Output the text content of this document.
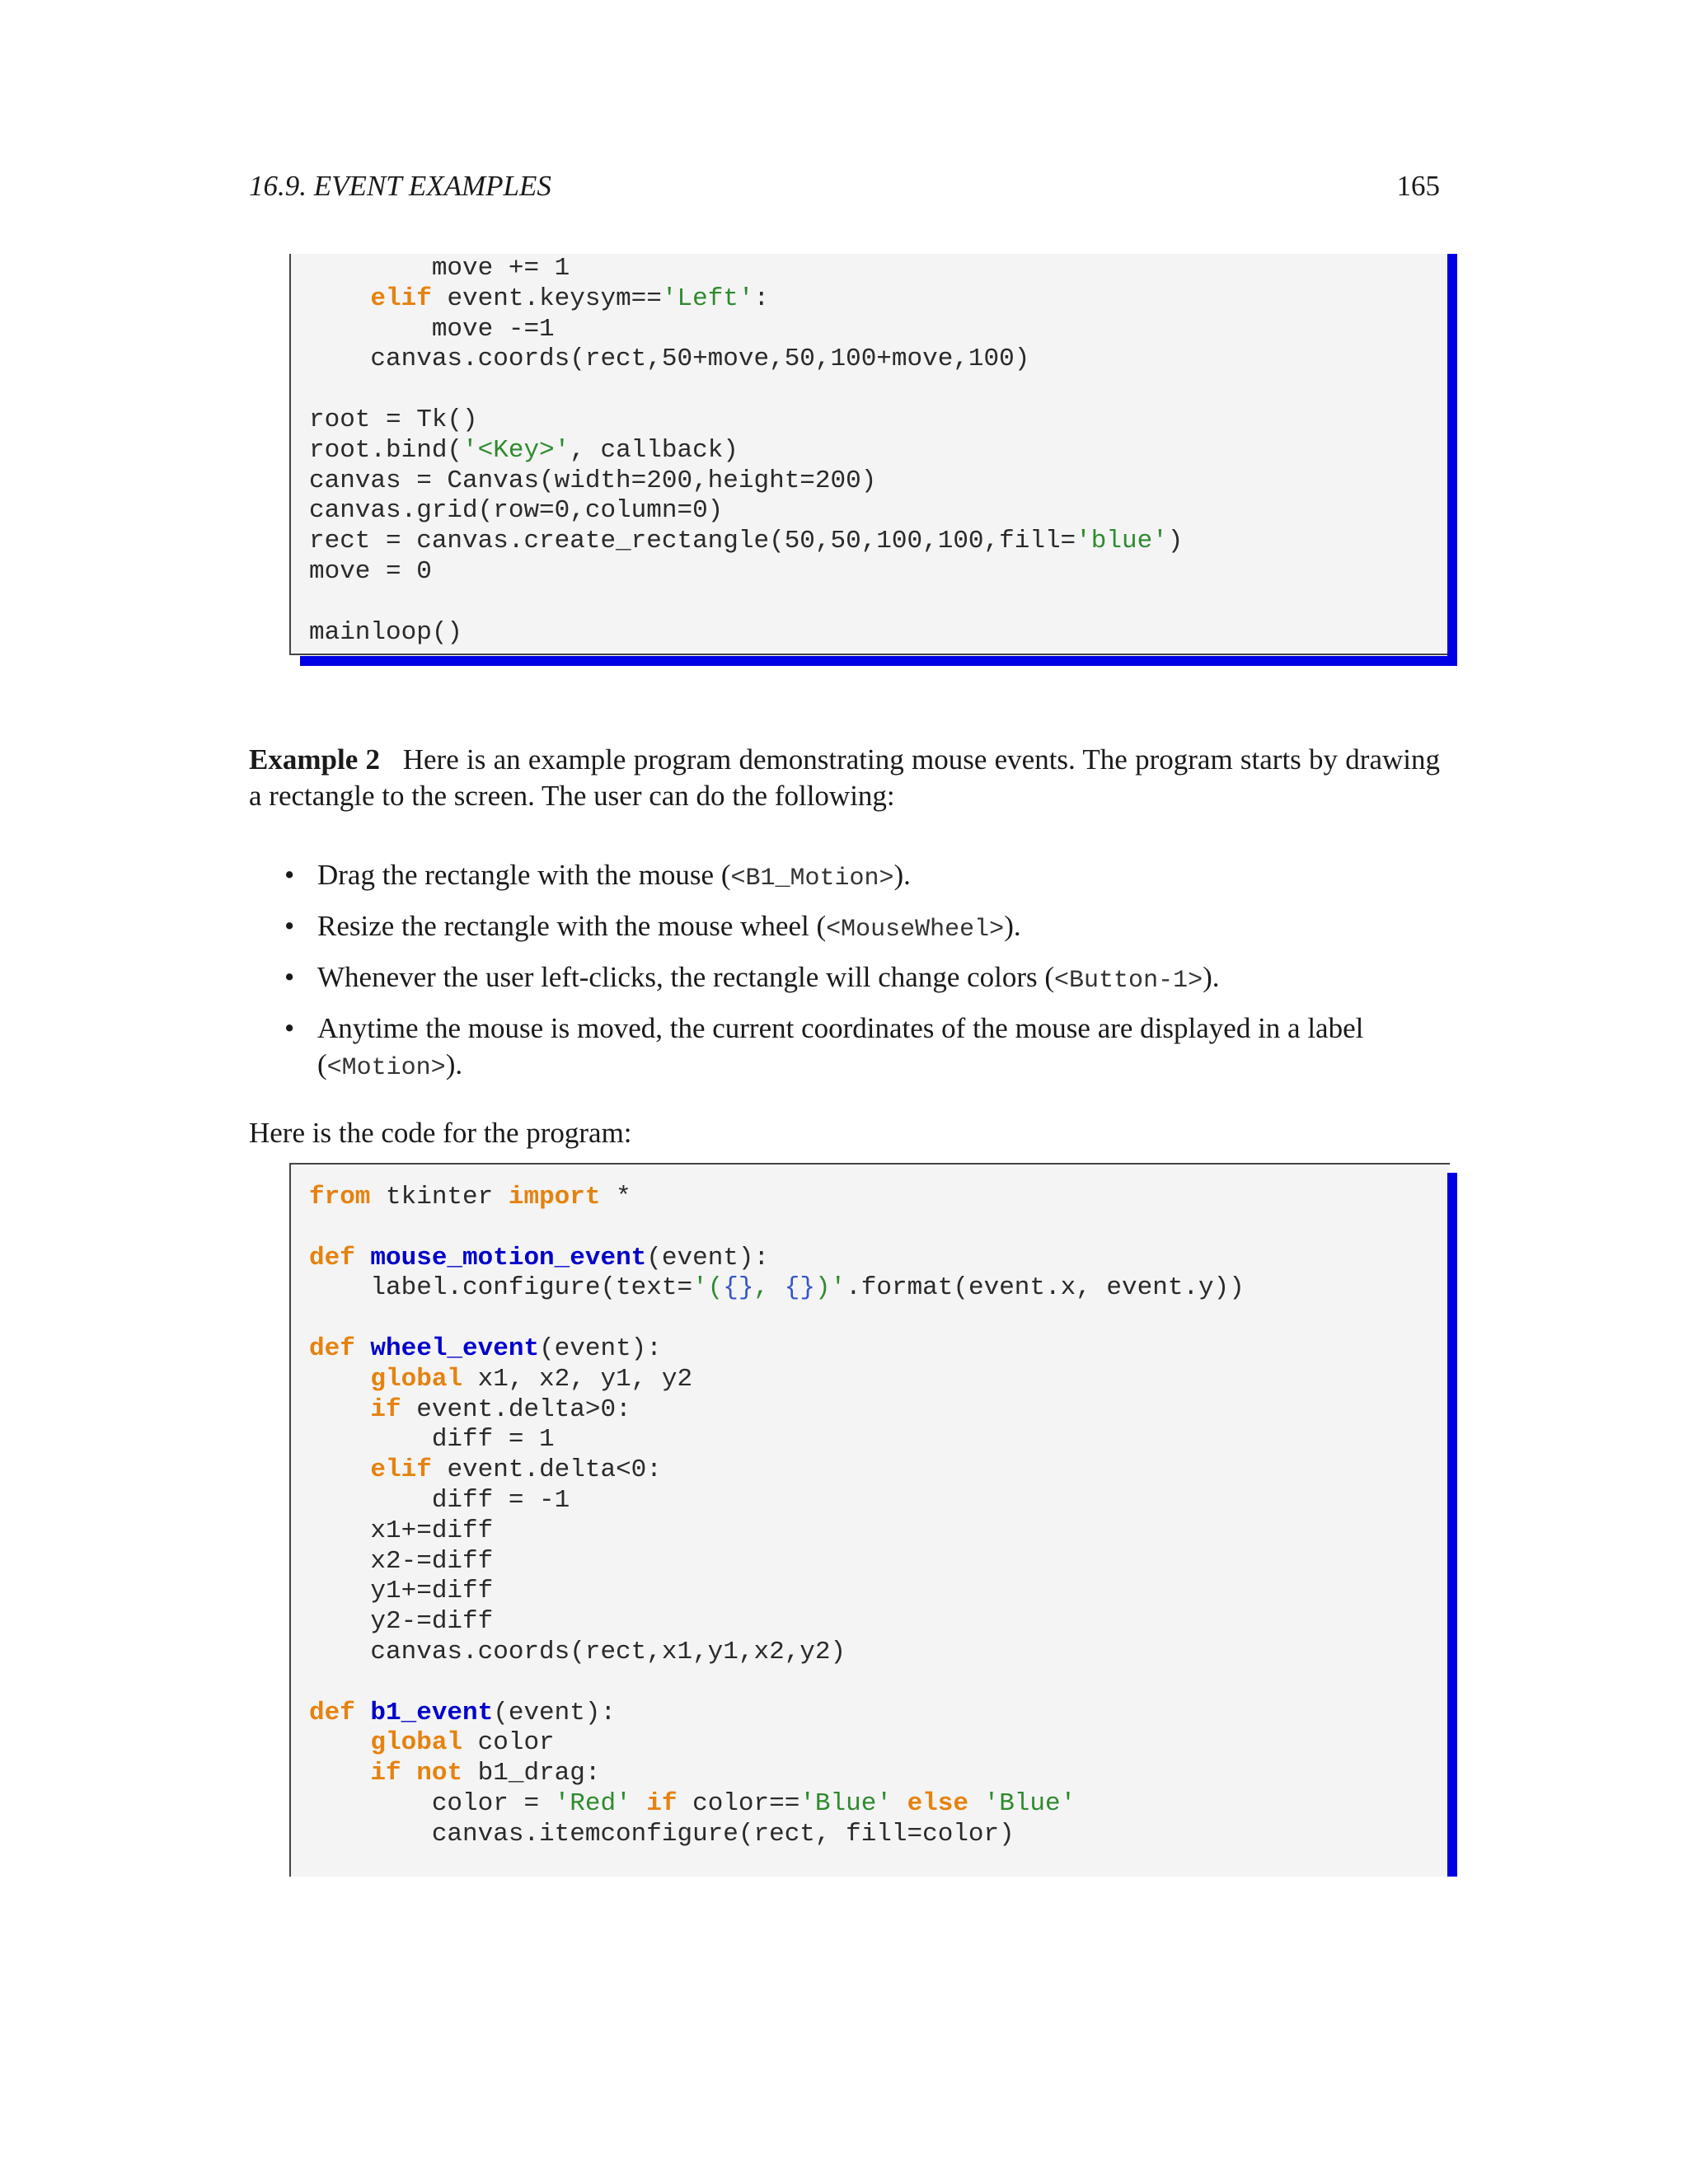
16.9. EVENT EXAMPLES	165
move += 1
elif event.keysym=='Left':
move -=1
canvas.coords(rect,50+move,50,100+move,100)
root = Tk()
root.bind('<Key>', callback)
canvas = Canvas(width=200,height=200)
canvas.grid(row=0,column=0)
rect = canvas.create_rectangle(50,50,100,100,fill='blue')
move = 0
mainloop()

Example 2 Here is an example program demonstrating mouse events. The program starts by drawing a rectangle to the screen. The user can do the following:

• Drag the rectangle with the mouse (<B1_Motion>).
• Resize the rectangle with the mouse wheel (<MouseWheel>).
• Whenever the user left-clicks, the rectangle will change colors (<Button-1>).
• Anytime the mouse is moved, the current coordinates of the mouse are displayed in a label (<Motion>).

Here is the code for the program:

from tkinter import *
def mouse_motion_event(event):
label.configure(text='({}, {})'.format(event.x, event.y))
def wheel_event(event):
global x1, x2, y1, y2
if event.delta>0:
diff = 1
elif event.delta<0:
diff = -1
x1+=diff
x2-=diff
y1+=diff
y2-=diff
canvas.coords(rect,x1,y1,x2,y2)
def b1_event(event):
global color
if not b1_drag:
color = 'Red' if color=='Blue' else 'Blue'
canvas.itemconfigure(rect, fill=color)
